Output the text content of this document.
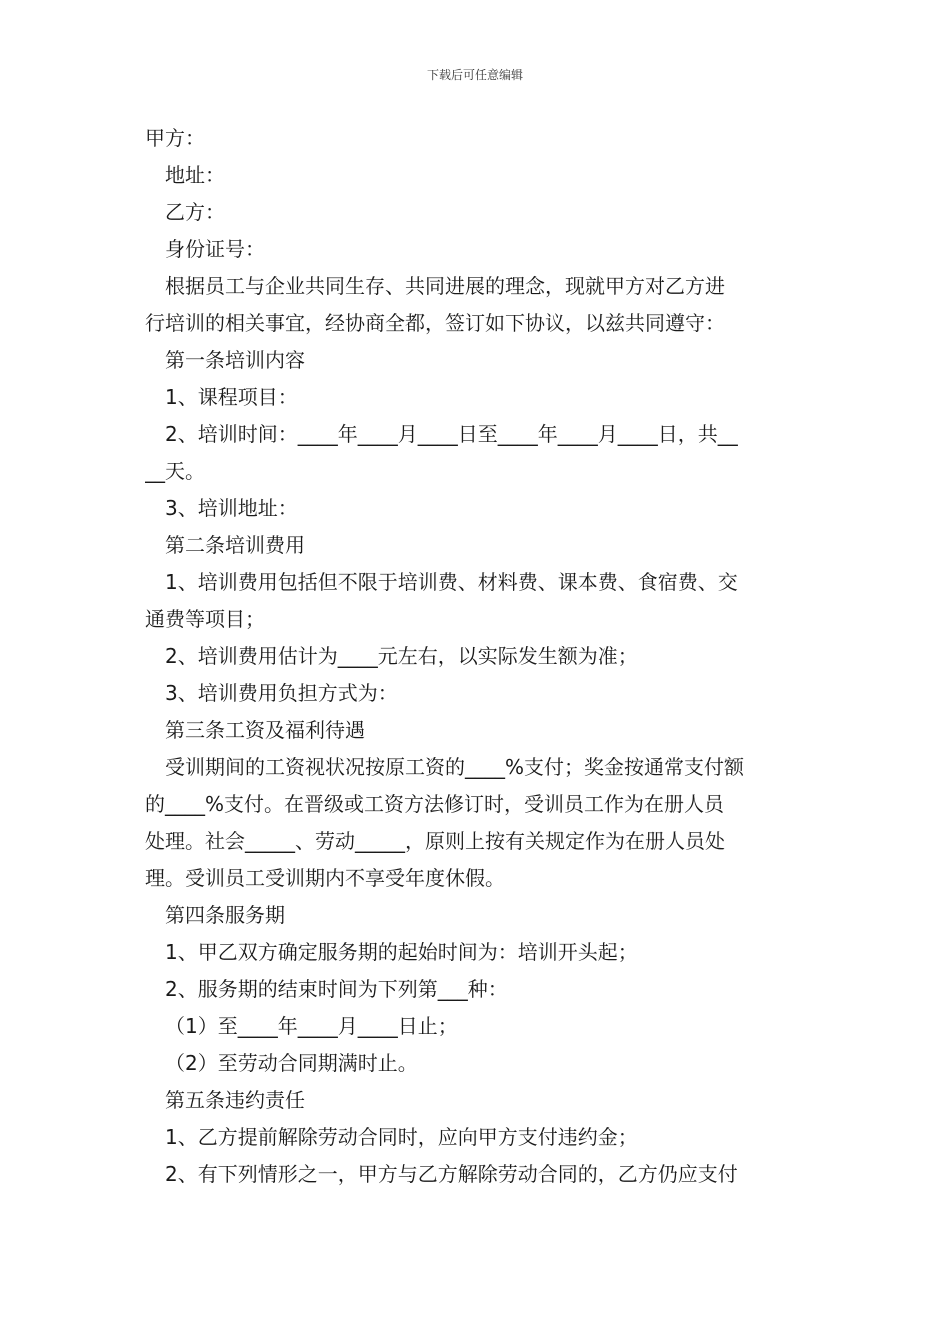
下载后可任意编辑
甲方：
地址：
乙方：
身份证号：
根据员工与企业共同生存、共同进展的理念，现就甲方对乙方进
行培训的相关事宜，经协商全都，签订如下协议，以兹共同遵守：
第一条培训内容
1、课程项目：
2、培训时间：____年____月____日至____年____月____日，共__
__天。
3、培训地址：
第二条培训费用
1、培训费用包括但不限于培训费、材料费、课本费、食宿费、交
通费等项目；
2、培训费用估计为____元左右，以实际发生额为准；
3、培训费用负担方式为：
第三条工资及福利待遇
受训期间的工资视状况按原工资的____%支付；奖金按通常支付额
的____%支付。在晋级或工资方法修订时，受训员工作为在册人员
处理。社会_____、劳动_____，原则上按有关规定作为在册人员处
理。受训员工受训期内不享受年度休假。
第四条服务期
1、甲乙双方确定服务期的起始时间为：培训开头起；
2、服务期的结束时间为下列第___种：
（1）至____年____月____日止；
（2）至劳动合同期满时止。
第五条违约责任
1、乙方提前解除劳动合同时，应向甲方支付违约金；
2、有下列情形之一，甲方与乙方解除劳动合同的，乙方仍应支付
